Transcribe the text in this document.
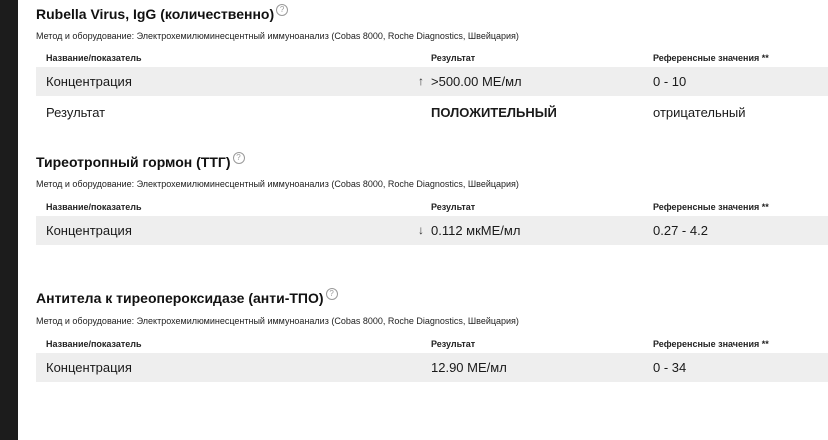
Rubella Virus, IgG (количественно) ?
Метод и оборудование: Электрохемилюминесцентный иммуноанализ (Cobas 8000, Roche Diagnostics, Швейцария)
Название/показатель	Результат	Референсные значения **
Концентрация	↑ >500.00 МЕ/мл	0 - 10
Результат	ПОЛОЖИТЕЛЬНЫЙ	отрицательный
Тиреотропный гормон (ТТГ) ?
Метод и оборудование: Электрохемилюминесцентный иммуноанализ (Cobas 8000, Roche Diagnostics, Швейцария)
Название/показатель	Результат	Референсные значения **
Концентрация	↓ 0.112 мкМЕ/мл	0.27 - 4.2
Антитела к тиреопероксидазе (анти-ТПО) ?
Метод и оборудование: Электрохемилюминесцентный иммуноанализ (Cobas 8000, Roche Diagnostics, Швейцария)
Название/показатель	Результат	Референсные значения **
Концентрация	12.90 МЕ/мл	0 - 34
